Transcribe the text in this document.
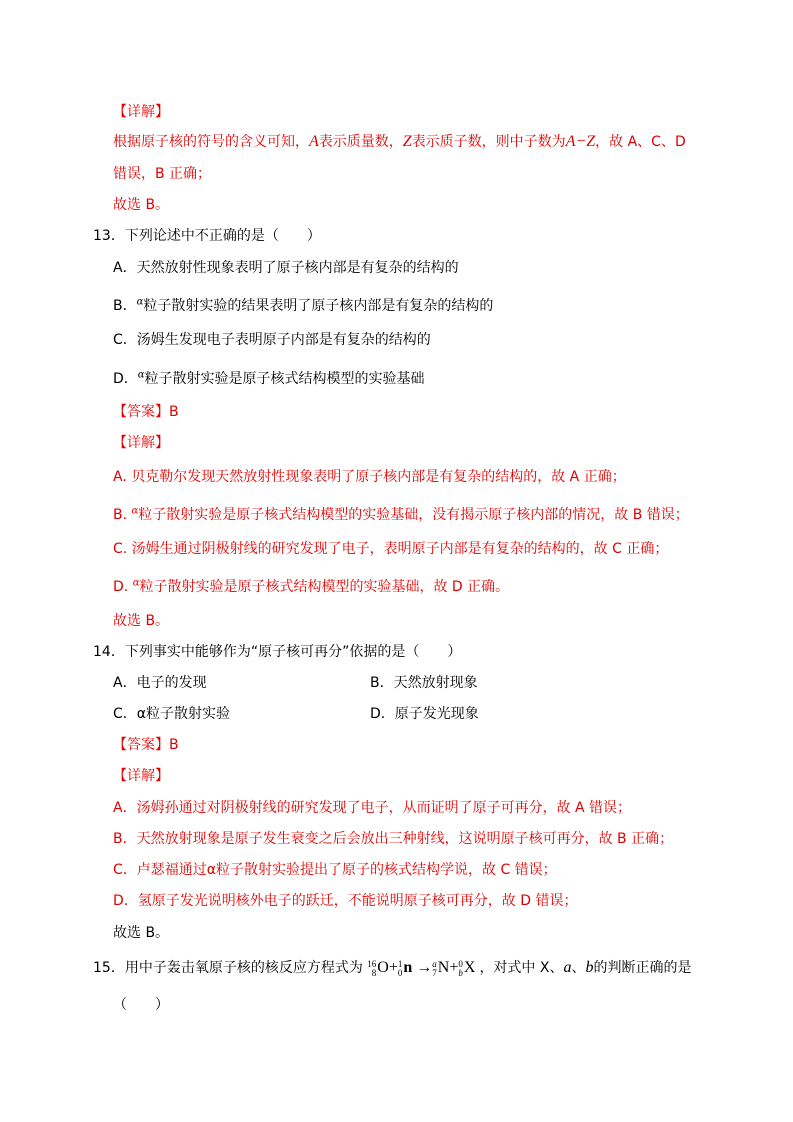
【详解】
根据原子核的符号的含义可知，A表示质量数，Z表示质子数，则中子数为A−Z，故 A、C、D
错误，B 正确；
故选 B。
13．下列论述中不正确的是（　　）
A．天然放射性现象表明了原子核内部是有复杂的结构的
B．$^\alpha$粒子散射实验的结果表明了原子核内部是有复杂的结构的
C．汤姆生发现电子表明原子内部是有复杂的结构的
D．$^\alpha$粒子散射实验是原子核式结构模型的实验基础
【答案】B
【详解】
A. 贝克勒尔发现天然放射性现象表明了原子核内部是有复杂的结构的，故 A 正确；
B. $^\alpha$粒子散射实验是原子核式结构模型的实验基础，没有揭示原子核内部的情况，故 B 错误；
C. 汤姆生通过阴极射线的研究发现了电子，表明原子内部是有复杂的结构的，故 C 正确；
D. $^\alpha$粒子散射实验是原子核式结构模型的实验基础，故 D 正确。
故选 B。
14．下列事实中能够作为“原子核可再分”依据的是（　　）
A．电子的发现	B．天然放射现象
C．α粒子散射实验	D．原子发光现象
【答案】B
【详解】
A．汤姆孙通过对阴极射线的研究发现了电子，从而证明了原子可再分，故 A 错误；
B．天然放射现象是原子发生衰变之后会放出三种射线，这说明原子核可再分，故 B 正确；
C．卢瑟福通过α粒子散射实验提出了原子的核式结构学说，故 C 错误；
D．氢原子发光说明核外电子的跃迁，不能说明原子核可再分，故 D 错误；
故选 B。
15．用中子轰击氧原子核的核反应方程式为 16
8 O+ 1
0 n → a
7 N+ 0
b X ，对式中 X、a、b的判断正确的是
（　　）
